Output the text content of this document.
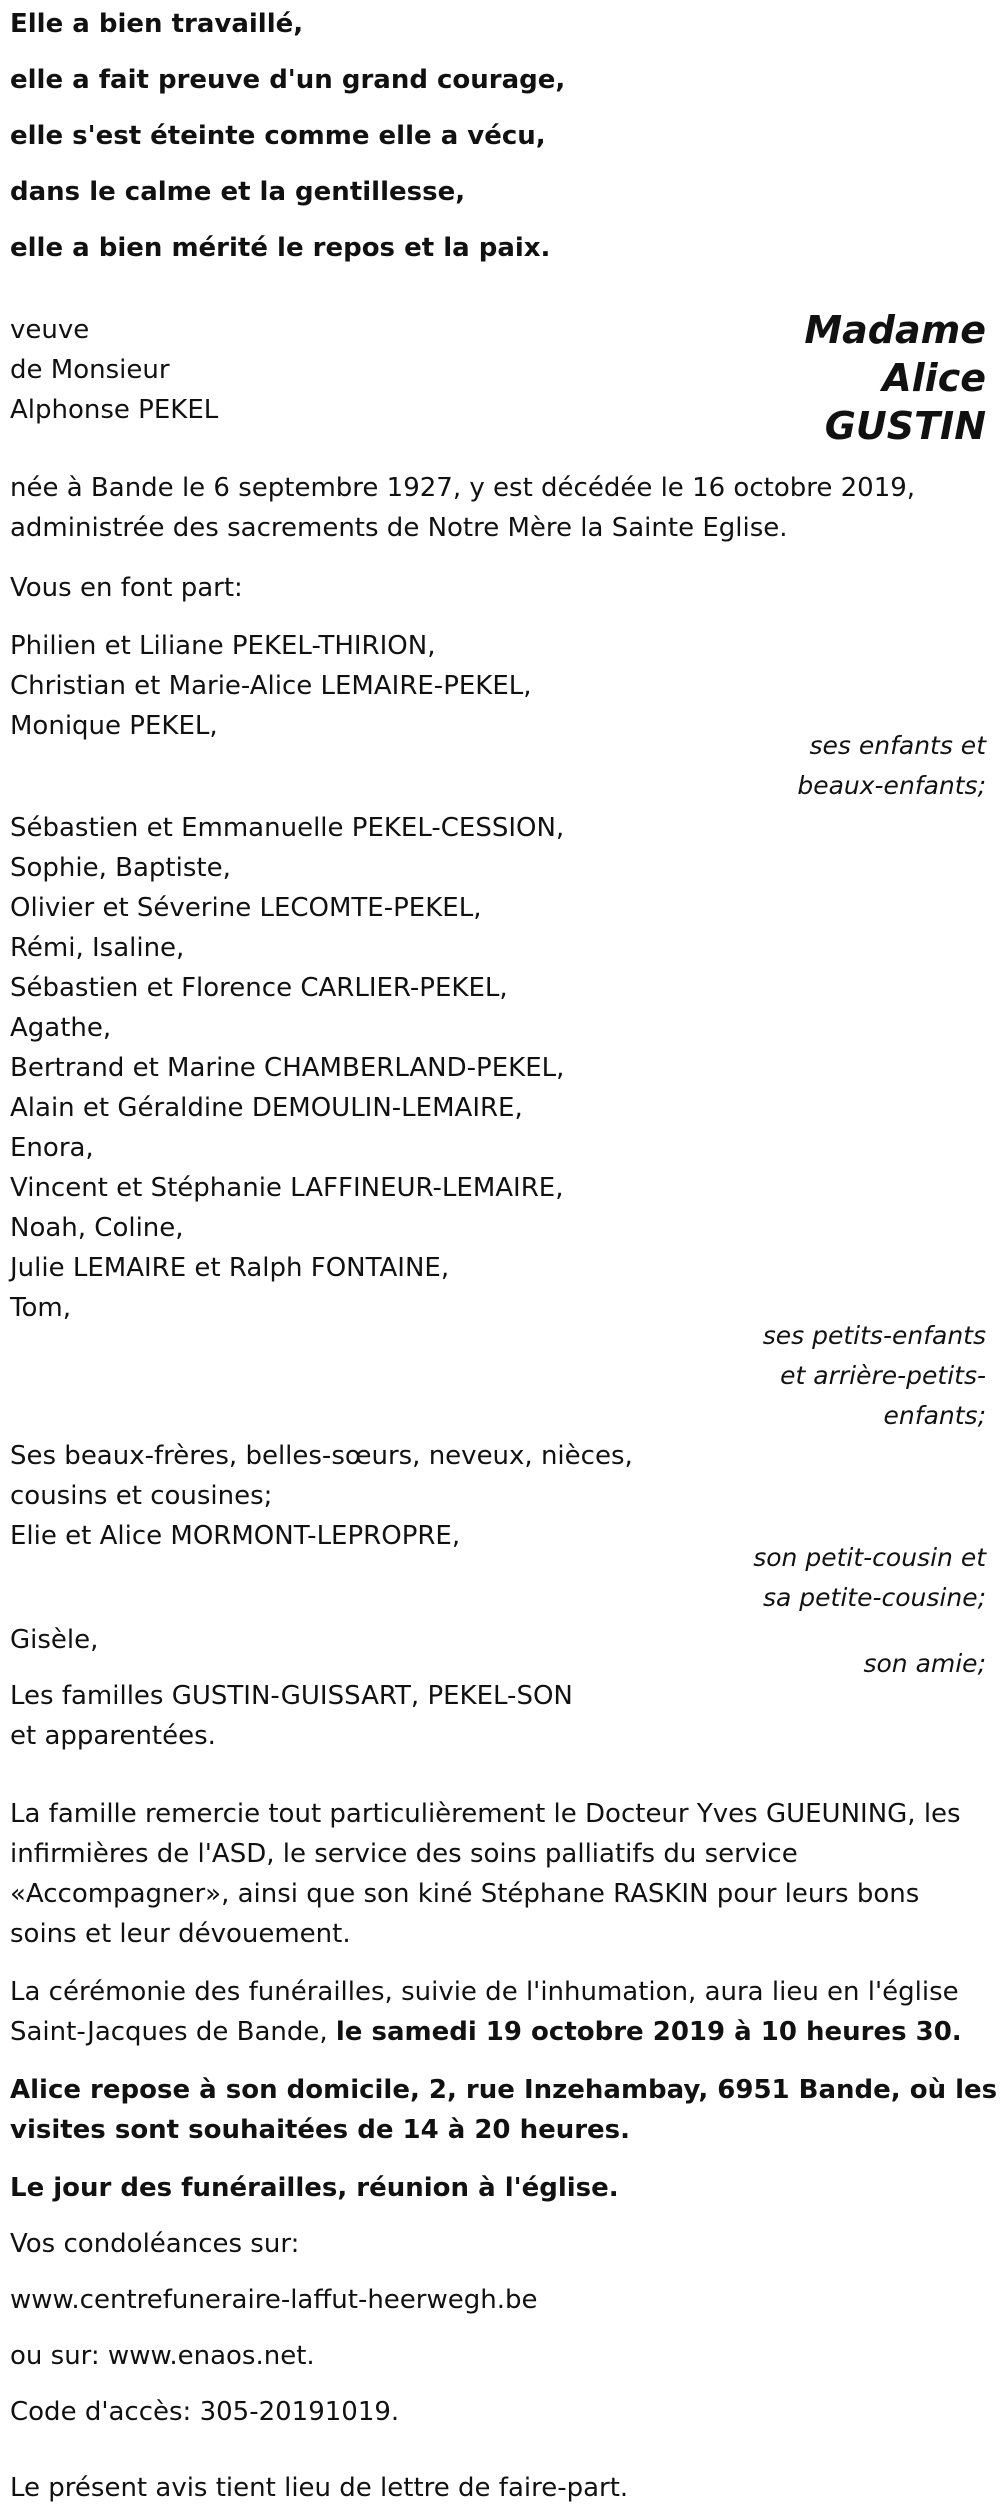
Elle a bien travaillé,
elle a fait preuve d'un grand courage,
elle s'est éteinte comme elle a vécu,
dans le calme et la gentillesse,
elle a bien mérité le repos et la paix.
veuve
de Monsieur
Alphonse PEKEL
Madame
Alice
GUSTIN
née à Bande le 6 septembre 1927, y est décédée le 16 octobre 2019,
administrée des sacrements de Notre Mère la Sainte Eglise.
Vous en font part:
Philien et Liliane PEKEL-THIRION,
Christian et Marie-Alice LEMAIRE-PEKEL,
Monique PEKEL,
ses enfants et
beaux-enfants;
Sébastien et Emmanuelle PEKEL-CESSION,
Sophie, Baptiste,
Olivier et Séverine LECOMTE-PEKEL,
Rémi, Isaline,
Sébastien et Florence CARLIER-PEKEL,
Agathe,
Bertrand et Marine CHAMBERLAND-PEKEL,
Alain et Géraldine DEMOULIN-LEMAIRE,
Enora,
Vincent et Stéphanie LAFFINEUR-LEMAIRE,
Noah, Coline,
Julie LEMAIRE et Ralph FONTAINE,
Tom,
ses petits-enfants
et arrière-petits-
enfants;
Ses beaux-frères, belles-sœurs, neveux, nièces,
cousins et cousines;
Elie et Alice MORMONT-LEPROPRE,
son petit-cousin et
sa petite-cousine;
Gisèle,
son amie;
Les familles GUSTIN-GUISSART, PEKEL-SON
et apparentées.
La famille remercie tout particulièrement le Docteur Yves GUEUNING, les
infirmières de l'ASD, le service des soins palliatifs du service
«Accompagner», ainsi que son kiné Stéphane RASKIN pour leurs bons
soins et leur dévouement.
La cérémonie des funérailles, suivie de l'inhumation, aura lieu en l'église
Saint-Jacques de Bande, le samedi 19 octobre 2019 à 10 heures 30.
Alice repose à son domicile, 2, rue Inzehambay, 6951 Bande, où les
visites sont souhaitées de 14 à 20 heures.
Le jour des funérailles, réunion à l'église.
Vos condoléances sur:
www.centrefuneraire-laffut-heerwegh.be
ou sur: www.enaos.net.
Code d'accès: 305-20191019.
Le présent avis tient lieu de lettre de faire-part.
